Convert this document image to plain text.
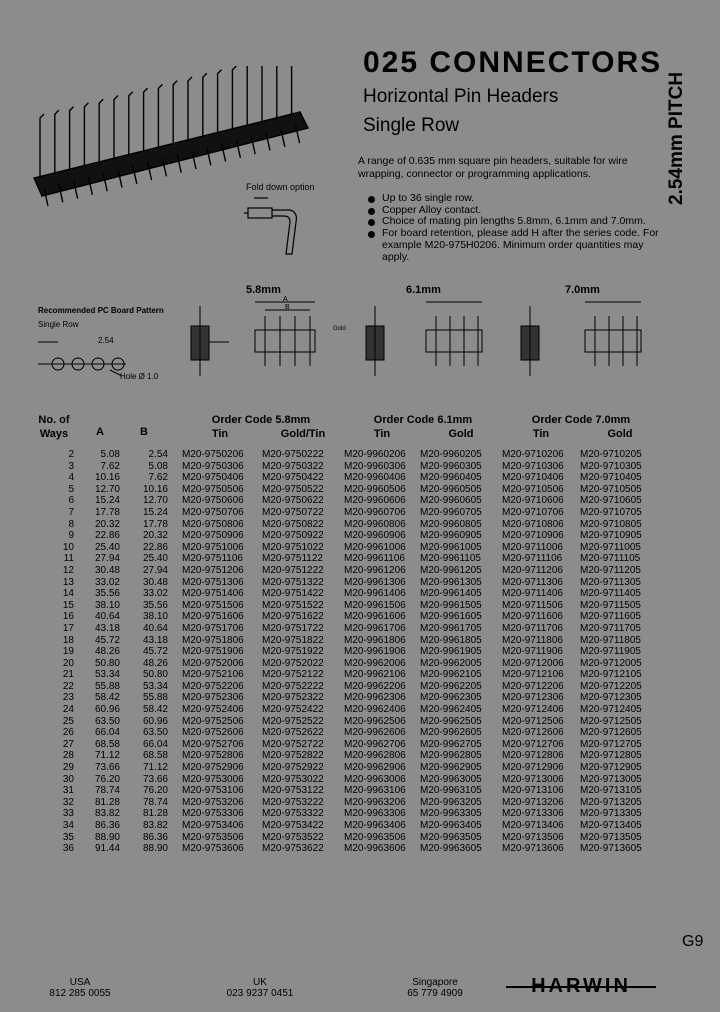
025 CONNECTORS
Horizontal Pin Headers
Single Row	2.54mm PITCH
A range of 0.635 mm square pin headers, suitable for wire wrapping, connector or programming applications.
Up to 36 single row.
Copper Alloy contact.
Choice of mating pin lengths 5.8mm, 6.1mm and 7.0mm.
For board retention, please add H after the series code. For example M20-975H0206. Minimum order quantities may apply.
Fold down option
5.8mm	6.1mm	7.0mm
A
B
Gold
Recommended PC Board Pattern
Single Row
2.54
Hole Ø 1.0
No. of Ways	A	B	Order Code 5.8mm		Order Code 6.1mm		Order Code 7.0mm	
			Tin	Gold/Tin	Tin	Gold	Tin	Gold

2	5.08	2.54	M20-9750206	M20-9750222	M20-9960206	M20-9960205	M20-9710206	M20-9710205
3	7.62	5.08	M20-9750306	M20-9750322	M20-9960306	M20-9960305	M20-9710306	M20-9710305
4	10.16	7.62	M20-9750406	M20-9750422	M20-9960406	M20-9960405	M20-9710406	M20-9710405
5	12.70	10.16	M20-9750506	M20-9750522	M20-9960506	M20-9960505	M20-9710506	M20-9710505
6	15.24	12.70	M20-9750606	M20-9750622	M20-9960606	M20-9960605	M20-9710606	M20-9710605
7	17.78	15.24	M20-9750706	M20-9750722	M20-9960706	M20-9960705	M20-9710706	M20-9710705
8	20.32	17.78	M20-9750806	M20-9750822	M20-9960806	M20-9960805	M20-9710806	M20-9710805
9	22.86	20.32	M20-9750906	M20-9750922	M20-9960906	M20-9960905	M20-9710906	M20-9710905
10	25.40	22.86	M20-9751006	M20-9751022	M20-9961006	M20-9961005	M20-9711006	M20-9711005
11	27.94	25.40	M20-9751106	M20-9751122	M20-9961106	M20-9961105	M20-9711106	M20-9711105
12	30.48	27.94	M20-9751206	M20-9751222	M20-9961206	M20-9961205	M20-9711206	M20-9711205
13	33.02	30.48	M20-9751306	M20-9751322	M20-9961306	M20-9961305	M20-9711306	M20-9711305
14	35.56	33.02	M20-9751406	M20-9751422	M20-9961406	M20-9961405	M20-9711406	M20-9711405
15	38.10	35.56	M20-9751506	M20-9751522	M20-9961506	M20-9961505	M20-9711506	M20-9711505
16	40.64	38.10	M20-9751606	M20-9751622	M20-9961606	M20-9961605	M20-9711606	M20-9711605
17	43.18	40.64	M20-9751706	M20-9751722	M20-9961706	M20-9961705	M20-9711706	M20-9711705
18	45.72	43.18	M20-9751806	M20-9751822	M20-9961806	M20-9961805	M20-9711806	M20-9711805
19	48.26	45.72	M20-9751906	M20-9751922	M20-9961906	M20-9961905	M20-9711906	M20-9711905
20	50.80	48.26	M20-9752006	M20-9752022	M20-9962006	M20-9962005	M20-9712006	M20-9712005
21	53.34	50.80	M20-9752106	M20-9752122	M20-9962106	M20-9962105	M20-9712106	M20-9712105
22	55.88	53.34	M20-9752206	M20-9752222	M20-9962206	M20-9962205	M20-9712206	M20-9712205
23	58.42	55.88	M20-9752306	M20-9752322	M20-9962306	M20-9962305	M20-9712306	M20-9712305
24	60.96	58.42	M20-9752406	M20-9752422	M20-9962406	M20-9962405	M20-9712406	M20-9712405
25	63.50	60.96	M20-9752506	M20-9752522	M20-9962506	M20-9962505	M20-9712506	M20-9712505
26	66.04	63.50	M20-9752606	M20-9752622	M20-9962606	M20-9962605	M20-9712606	M20-9712605
27	68.58	66.04	M20-9752706	M20-9752722	M20-9962706	M20-9962705	M20-9712706	M20-9712705
28	71.12	68.58	M20-9752806	M20-9752822	M20-9962806	M20-9962805	M20-9712806	M20-9712805
29	73.66	71.12	M20-9752906	M20-9752922	M20-9962906	M20-9962905	M20-9712906	M20-9712905
30	76.20	73.66	M20-9753006	M20-9753022	M20-9963006	M20-9963005	M20-9713006	M20-9713005
31	78.74	76.20	M20-9753106	M20-9753122	M20-9963106	M20-9963105	M20-9713106	M20-9713105
32	81.28	78.74	M20-9753206	M20-9753222	M20-9963206	M20-9963205	M20-9713206	M20-9713205
33	83.82	81.28	M20-9753306	M20-9753322	M20-9963306	M20-9963305	M20-9713306	M20-9713305
34	86.36	83.82	M20-9753406	M20-9753422	M20-9963406	M20-9963405	M20-9713406	M20-9713405
35	88.90	86.36	M20-9753506	M20-9753522	M20-9963506	M20-9963505	M20-9713506	M20-9713505
36	91.44	88.90	M20-9753606	M20-9753622	M20-9963606	M20-9963605	M20-9713606	M20-9713605
G9
USA
812 285 0055
UK
023 9237 0451
Singapore
65 779 4909	HARWIN
